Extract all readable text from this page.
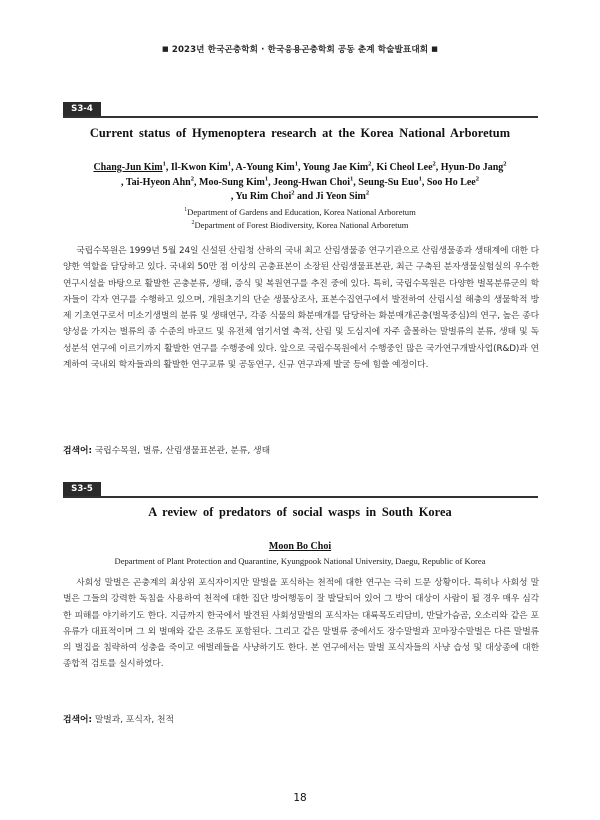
■ 2023년 한국곤충학회 · 한국응용곤충학회 공동 춘계 학술발표대회 ■
S3-4
Current status of Hymenoptera research at the Korea National Arboretum
Chang-Jun Kim$^1$, Il-Kwon Kim$^1$, A-Young Kim$^1$, Young Jae Kim$^2$, Ki Cheol Lee$^2$, Hyun-Do Jang$^2$
, Tai-Hyeon Ahn$^2$, Moo-Sung Kim$^1$, Jeong-Hwan Choi$^1$, Seung-Su Euo$^1$, Soo Ho Lee$^2$
, Yu Rim Choi$^2$ and Ji Yeon Sim$^2$
$^1$Department of Gardens and Education, Korea National Arboretum
$^2$Department of Forest Biodiversity, Korea National Arboretum

국립수목원은 1999년 5월 24일 신설된 산림청 산하의 국내 최고 산림생물종 연구기관으로 산림생물종과 생태계에 대한 다양한 역할을 담당하고 있다. 국내외 50만 점 이상의 곤충표본이 소장된 산림생물표본관, 최근 구축된 분자생물실험실의 우수한 연구시설을 바탕으로 활발한 곤충분류, 생태, 증식 및 복원연구를 추진 중에 있다. 특히, 국립수목원은 다양한 벌목분류군의 학자들이 각자 연구를 수행하고 있으며, 개원초기의 단순 생물상조사, 표본수집연구에서 발전하여 산림시설 해충의 생물학적 방제 기초연구로서 미소기생벌의 분류 및 생태연구, 각종 식물의 화분매개를 담당하는 화분매개곤충(벌목중심)의 연구, 높은 종다양성을 가지는 벌류의 종 수준의 바코드 및 유전체 염기서열 축적, 산림 및 도심지에 자주 출몰하는 말벌류의 분류, 생태 및 독성분석 연구에 이르기까지 활발한 연구를 수행중에 있다. 앞으로 국립수목원에서 수행중인 많은 국가연구개발사업(R&D)과 연계하여 국내외 학자들과의 활발한 연구교류 및 공동연구, 신규 연구과제 발굴 등에 힘쓸 예정이다.

검색어: 국립수목원, 벌류, 산림생물표본관, 분류, 생태
S3-5
A review of predators of social wasps in South Korea
Moon Bo Choi
Department of Plant Protection and Quarantine, Kyungpook National University, Daegu, Republic of Korea

사회성 말벌은 곤충계의 최상위 포식자이지만 말벌을 포식하는 천적에 대한 연구는 극히 드문 상황이다. 특히나 사회성 말벌은 그들의 강력한 독침을 사용하여 천적에 대한 집단 방어행동이 잘 발달되어 있어 그 방어 대상이 사람이 될 경우 매우 심각한 피해를 야기하기도 한다. 지금까지 한국에서 발견된 사회성말벌의 포식자는 대륙목도리담비, 반달가슴곰, 오소리와 같은 포유류가 대표적이며 그 외 벌매와 같은 조류도 포함된다. 그리고 같은 말벌류 중에서도 장수말벌과 꼬마장수말벌은 다른 말벌류의 벌집을 침략하여 성충을 죽이고 애벌레들을 사냥하기도 한다. 본 연구에서는 말벌 포식자들의 사냥 습성 및 대상종에 대한 종합적 검토를 실시하였다.

검색어: 말벌과, 포식자, 천적
18
